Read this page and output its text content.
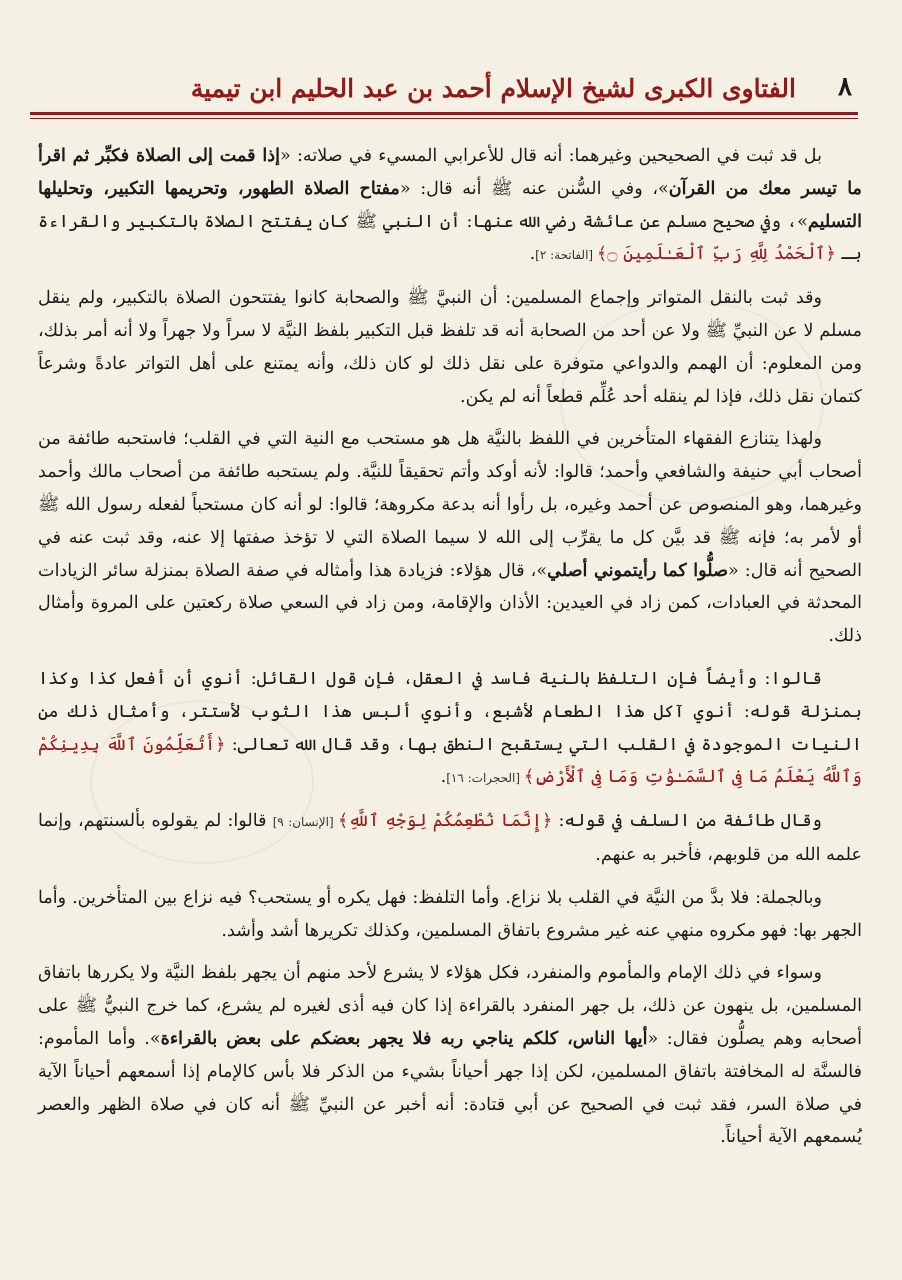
٨
الفتاوى الكبرى لشيخ الإسلام أحمد بن عبد الحليم ابن تيمية

بل قد ثبت في الصحيحين وغيرهما: أنه قال للأعرابي المسيء في صلاته: «إذا قمت إلى الصلاة فكبِّر ثم اقرأ ما تيسر معك من القرآن»، وفي السُّنن عنه ﷺ أنه قال: «مفتاح الصلاة الطهور، وتحريمها التكبير، وتحليلها التسليم»، وفي صحيح مسلم عن عائشة رضي الله عنها: أن النبي ﷺ كان يفتتح الصلاة بالتكبير والقراءة بـ ﴿ٱلْحَمْدُ لِلَّهِ رَبِّ ٱلْعَـٰلَمِينَ ۝﴾ [الفاتحة: ٢].

وقد ثبت بالنقل المتواتر وإجماع المسلمين: أن النبيَّ ﷺ والصحابة كانوا يفتتحون الصلاة بالتكبير، ولم ينقل مسلم لا عن النبيِّ ﷺ ولا عن أحد من الصحابة أنه قد تلفظ قبل التكبير بلفظ النيَّة لا سراً ولا جهراً ولا أنه أمر بذلك، ومن المعلوم: أن الهمم والدواعي متوفرة على نقل ذلك لو كان ذلك، وأنه يمتنع على أهل التواتر عادةً وشرعاً كتمان نقل ذلك، فإذا لم ينقله أحد عُلِّم قطعاً أنه لم يكن.

ولهذا يتنازع الفقهاء المتأخرين في اللفظ بالنيَّة هل هو مستحب مع النية التي في القلب؛ فاستحبه طائفة من أصحاب أبي حنيفة والشافعي وأحمد؛ قالوا: لأنه أوكد وأتم تحقيقاً للنيَّة. ولم يستحبه طائفة من أصحاب مالك وأحمد وغيرهما، وهو المنصوص عن أحمد وغيره، بل رأوا أنه بدعة مكروهة؛ قالوا: لو أنه كان مستحباً لفعله رسول الله ﷺ أو لأمر به؛ فإنه ﷺ قد بيَّن كل ما يقرِّب إلى الله لا سيما الصلاة التي لا تؤخذ صفتها إلا عنه، وقد ثبت عنه في الصحيح أنه قال: «صلُّوا كما رأيتموني أصلي»، قال هؤلاء: فزيادة هذا وأمثاله في صفة الصلاة بمنزلة سائر الزيادات المحدثة في العبادات، كمن زاد في العيدين: الأذان والإقامة، ومن زاد في السعي صلاة ركعتين على المروة وأمثال ذلك.

قالوا: وأيضاً فإن التلفظ بالنية فاسد في العقل، فإن قول القائل: أنوي أن أفعل كذا وكذا بمنزلة قوله: أنوي آكل هذا الطعام لأشبع، وأنوي ألبس هذا الثوب لأستتر، وأمثال ذلك من النيات الموجودة في القلب التي يستقبح النطق بها، وقد قال الله تعالى: ﴿أَتُعَلِّمُونَ ٱللَّهَ بِدِينِكُمْ وَٱللَّهُ يَعْلَمُ مَا فِى ٱلسَّمَـٰوَٰتِ وَمَا فِى ٱلْأَرْضِ﴾ [الحجرات: ١٦].

وقال طائفة من السلف في قوله: ﴿إِنَّمَا نُطْعِمُكُمْ لِوَجْهِ ٱللَّهِ﴾ [الإنسان: ٩] قالوا: لم يقولوه بألسنتهم، وإنما علمه الله من قلوبهم، فأخبر به عنهم.

وبالجملة: فلا بدَّ من النيَّة في القلب بلا نزاع. وأما التلفظ: فهل يكره أو يستحب؟ فيه نزاع بين المتأخرين. وأما الجهر بها: فهو مكروه منهي عنه غير مشروع باتفاق المسلمين، وكذلك تكريرها أشد وأشد.

وسواء في ذلك الإمام والمأموم والمنفرد، فكل هؤلاء لا يشرع لأحد منهم أن يجهر بلفظ النيَّة ولا يكررها باتفاق المسلمين، بل ينهون عن ذلك، بل جهر المنفرد بالقراءة إذا كان فيه أذى لغيره لم يشرع، كما خرج النبيُّ ﷺ على أصحابه وهم يصلُّون فقال: «أيها الناس، كلكم يناجي ربه فلا يجهر بعضكم على بعض بالقراءة». وأما المأموم: فالسنَّة له المخافتة باتفاق المسلمين، لكن إذا جهر أحياناً بشيء من الذكر فلا بأس كالإمام إذا أسمعهم أحياناً الآية في صلاة السر، فقد ثبت في الصحيح عن أبي قتادة: أنه أخبر عن النبيِّ ﷺ أنه كان في صلاة الظهر والعصر يُسمعهم الآية أحياناً.
